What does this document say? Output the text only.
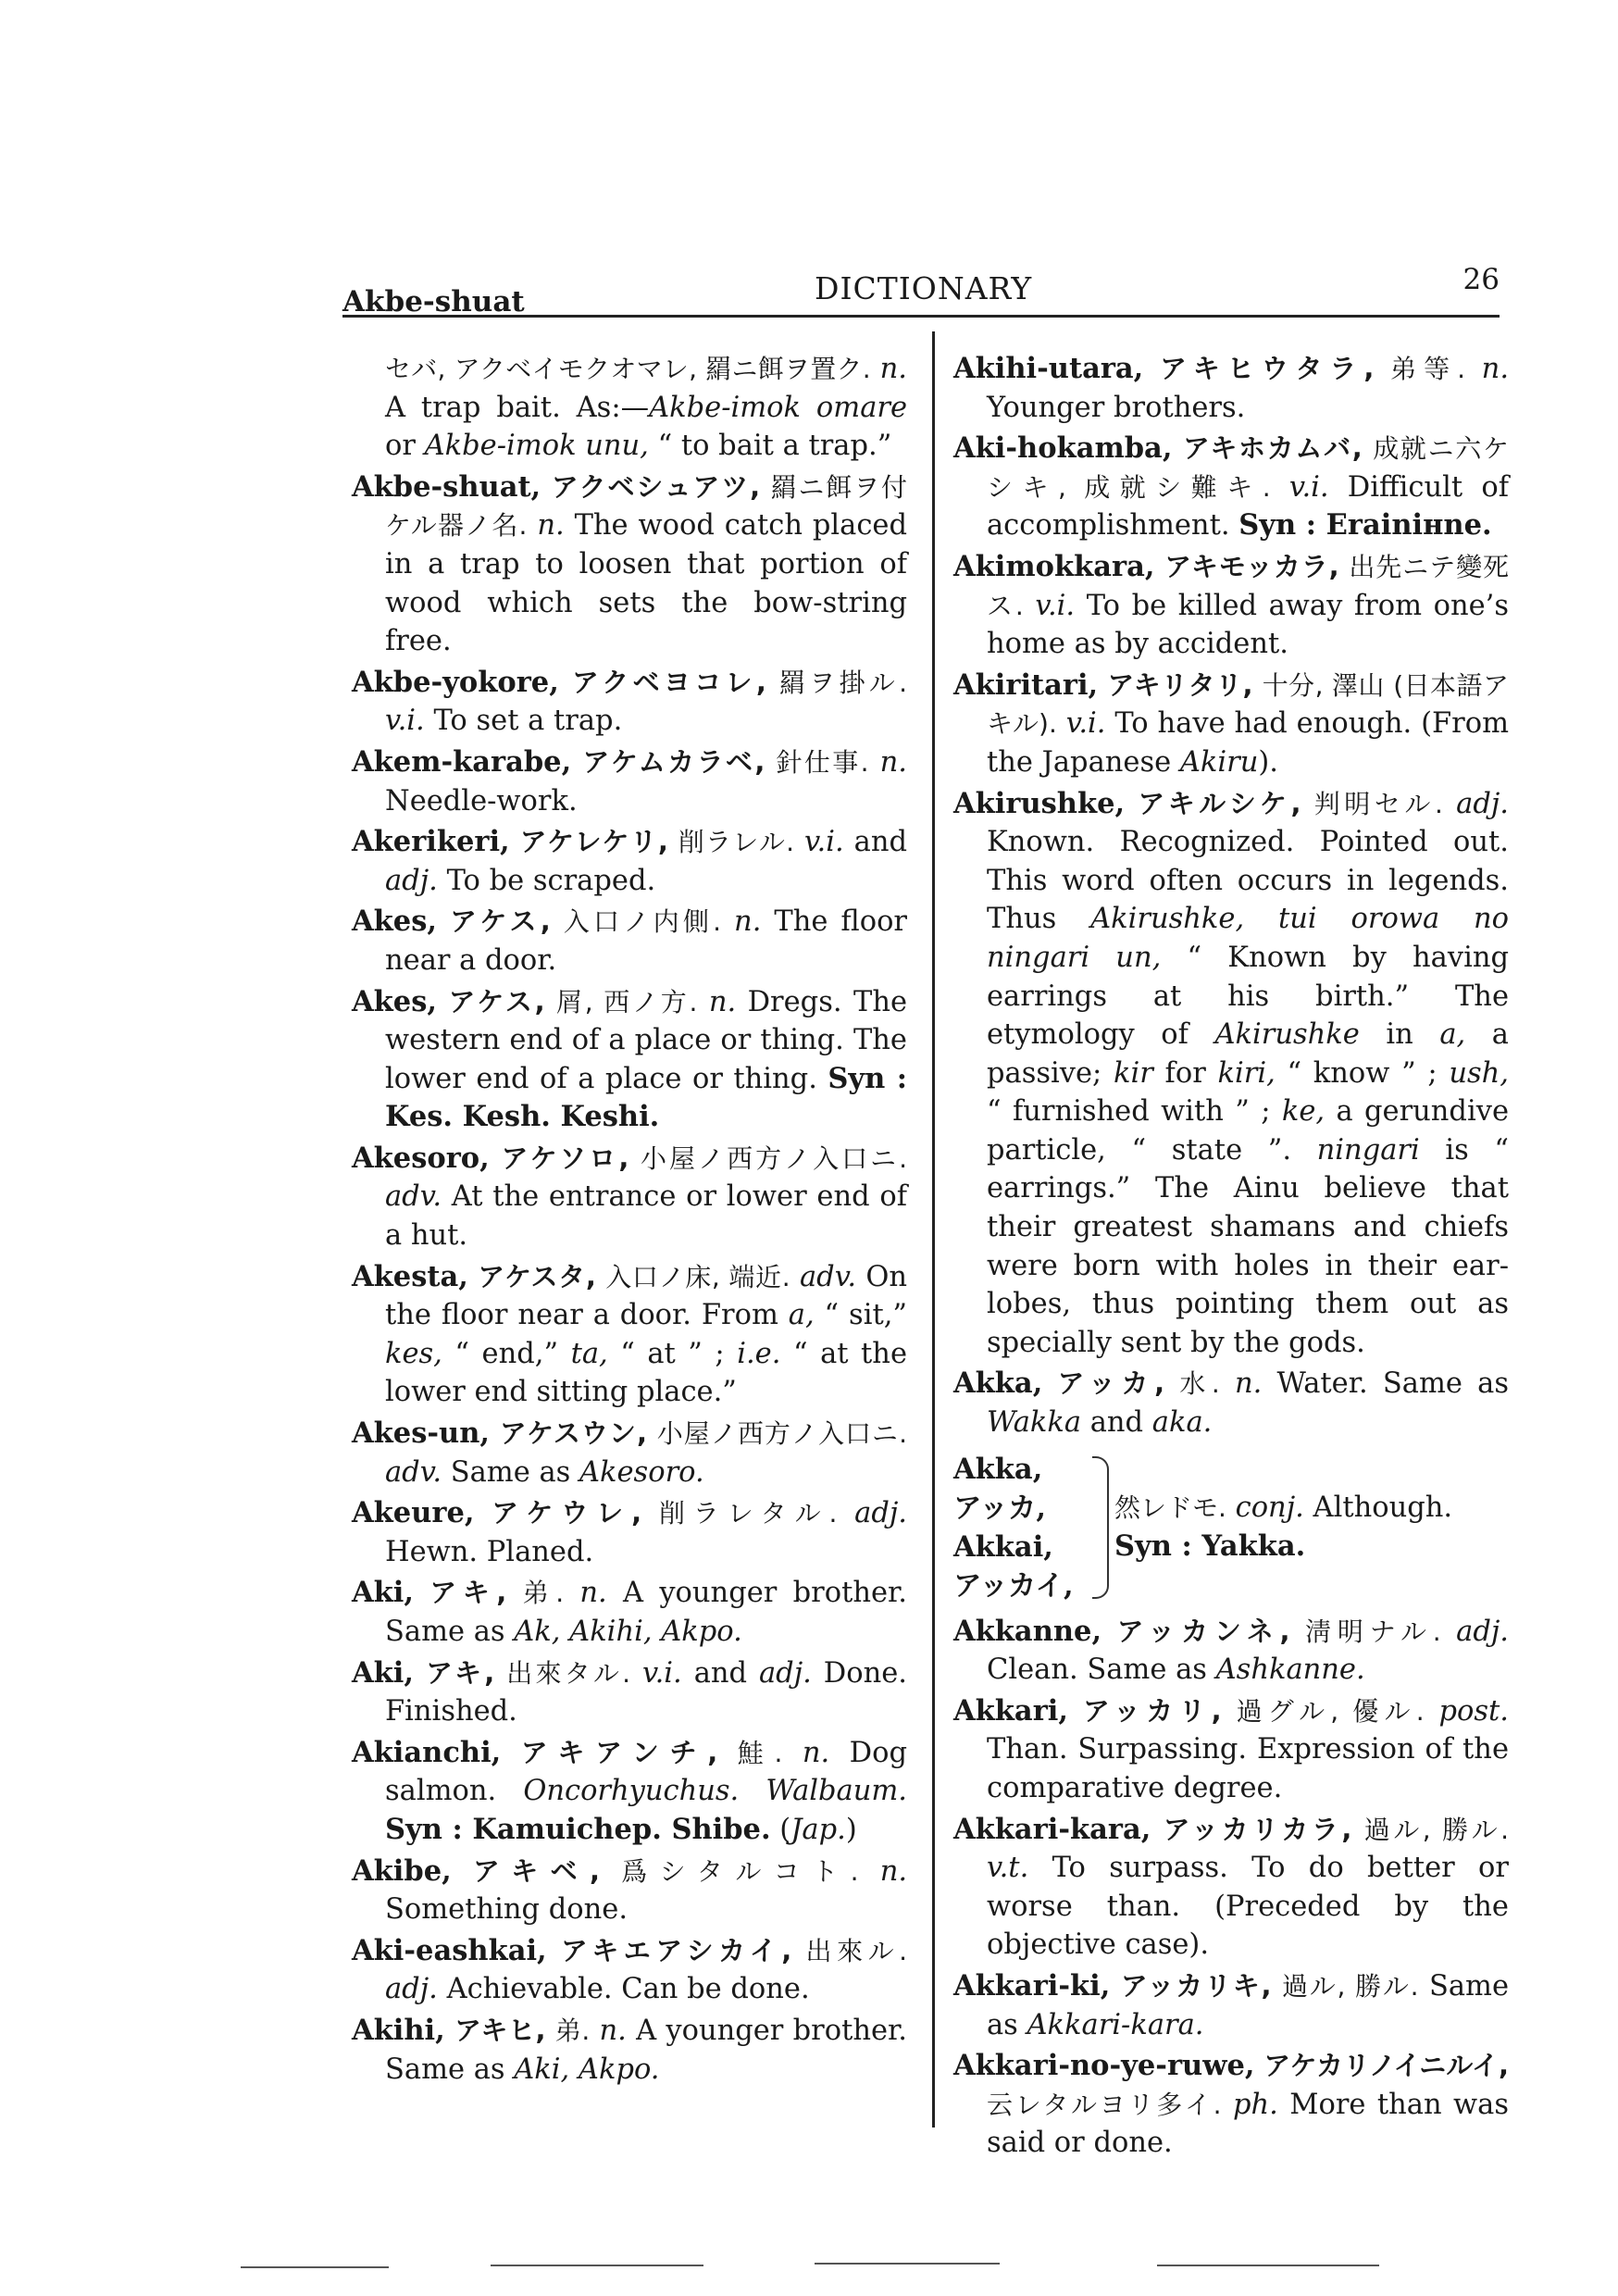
Akbe-shuat	DICTIONARY	26

セバ, アクベイモクオマレ, 羂ニ餌ヲ置ク. n. A trap bait. As:—Akbe-imok omare or Akbe-imok unu, “ to bait a trap.”

Akbe-shuat, アクベシュアツ, 羂ニ餌ヲ付ケル器ノ名. n. The wood catch placed in a trap to loosen that portion of wood which sets the bow-string free.

Akbe-yokore, アクベヨコレ, 羂ヲ掛ル. v.i. To set a trap.

Akem-karabe, アケムカラベ, 針仕事. n. Needle-work.

Akerikeri, アケレケリ, 削ラレル. v.i. and adj. To be scraped.

Akes, アケス, 入口ノ内側. n. The floor near a door.

Akes, アケス, 屑, 西ノ方. n. Dregs. The western end of a place or thing. The lower end of a place or thing. Syn : Kes. Kesh. Keshi.

Akesoro, アケソロ, 小屋ノ西方ノ入口ニ. adv. At the entrance or lower end of a hut.

Akesta, アケスタ, 入口ノ床, 端近. adv. On the floor near a door. From a, “ sit,” kes, “ end,” ta, “ at ” ; i.e. “ at the lower end sitting place.”

Akes-un, アケスウン, 小屋ノ西方ノ入口ニ. adv. Same as Akesoro.

Akeure, アケウレ, 削ラレタル. adj. Hewn. Planed.

Aki, アキ, 弟. n. A younger brother. Same as Ak, Akihi, Akpo.

Aki, アキ, 出來タル. v.i. and adj. Done. Finished.

Akianchi, アキアンチ, 鮭. n. Dog salmon. Oncorhyuchus. Walbaum. Syn : Kamuichep. Shibe. (Jap.)

Akibe, アキベ, 爲シタルコト. n. Something done.

Aki-eashkai, アキエアシカイ, 出來ル. adj. Achievable. Can be done.

Akihi, アキヒ, 弟. n. A younger brother. Same as Aki, Akpo.

Akihi-utara, アキヒウタラ, 弟等. n. Younger brothers.

Aki-hokamba, アキホカムバ, 成就ニ六ケシキ, 成就シ難キ. v.i. Difficult of accomplishment. Syn : Erainінne.

Akimokkara, アキモッカラ, 出先ニテ變死ス. v.i. To be killed away from one’s home as by accident.

Akiritari, アキリタリ, 十分, 澤山 (日本語アキル). v.i. To have had enough. (From the Japanese Akiru).

Akirushke, アキルシケ, 判明セル. adj. Known. Recognized. Pointed out. This word often occurs in legends. Thus Akirushke, tui orowa no ningari un, “ Known by having earrings at his birth.” The etymology of Akirushke in a, a passive; kir for kiri, “ know ” ; ush, “ furnished with ” ; ke, a gerundive particle, “ state ”. ningari is “ earrings.” The Ainu believe that their greatest shamans and chiefs were born with holes in their ear-lobes, thus pointing them out as specially sent by the gods.

Akka, アッカ, 水. n. Water. Same as Wakka and aka.

Akka,
アッカ,
Akkai,
アッカイ,
然レドモ. conj. Although.
Syn : Yakka.

Akkanne, アッカンネ, 淸明ナル. adj. Clean. Same as Ashkanne.

Akkari, アッカリ, 過グル, 優ル. post. Than. Surpassing. Expression of the comparative degree.

Akkari-kara, アッカリカラ, 過ル, 勝ル. v.t. To surpass. To do better or worse than. (Preceded by the objective case).

Akkari-ki, アッカリキ, 過ル, 勝ル. Same as Akkari-kara.

Akkari-no-ye-ruwe, アケカリノイニルイ, 云レタルヨリ多イ. ph. More than was said or done.
